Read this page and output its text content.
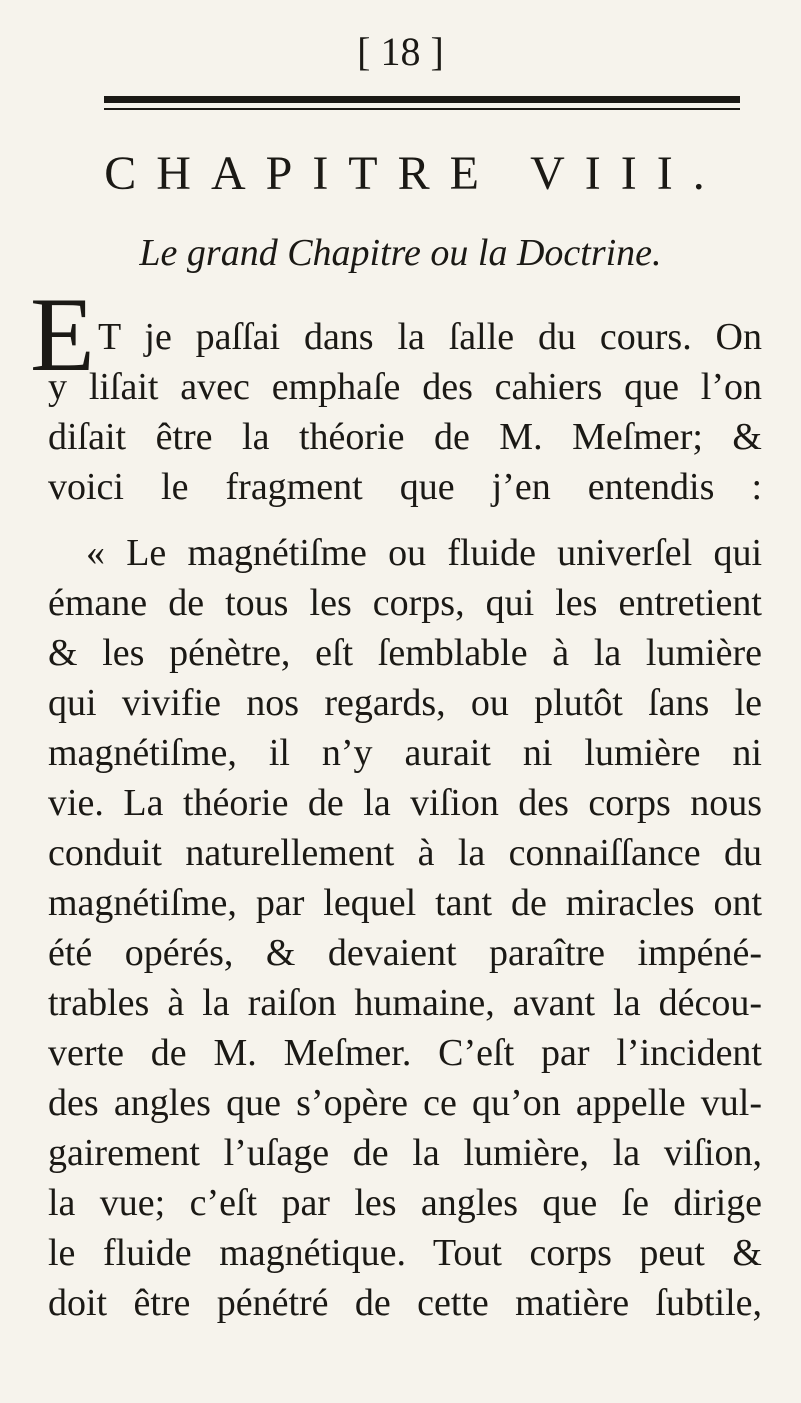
[ 18 ]
CHAPITRE VIII.
Le grand Chapitre ou la Doctrine.
E T je paſſai dans la ſalle du cours. On
y liſait avec emphaſe des cahiers que l’on
diſait être la théorie de M. Meſmer; &
voici le fragment que j’en entendis :
« Le magnétiſme ou fluide univerſel qui
émane de tous les corps, qui les entretient
& les pénètre, eſt ſemblable à la lumière
qui vivifie nos regards, ou plutôt ſans le
magnétiſme, il n’y aurait ni lumière ni
vie. La théorie de la viſion des corps nous
conduit naturellement à la connaiſſance du
magnétiſme, par lequel tant de miracles ont
été opérés, & devaient paraître impéné-
trables à la raiſon humaine, avant la décou-
verte de M. Meſmer. C’eſt par l’incident
des angles que s’opère ce qu’on appelle vul-
gairement l’uſage de la lumière, la viſion,
la vue; c’eſt par les angles que ſe dirige
le fluide magnétique. Tout corps peut &
doit être pénétré de cette matière ſubtile,
